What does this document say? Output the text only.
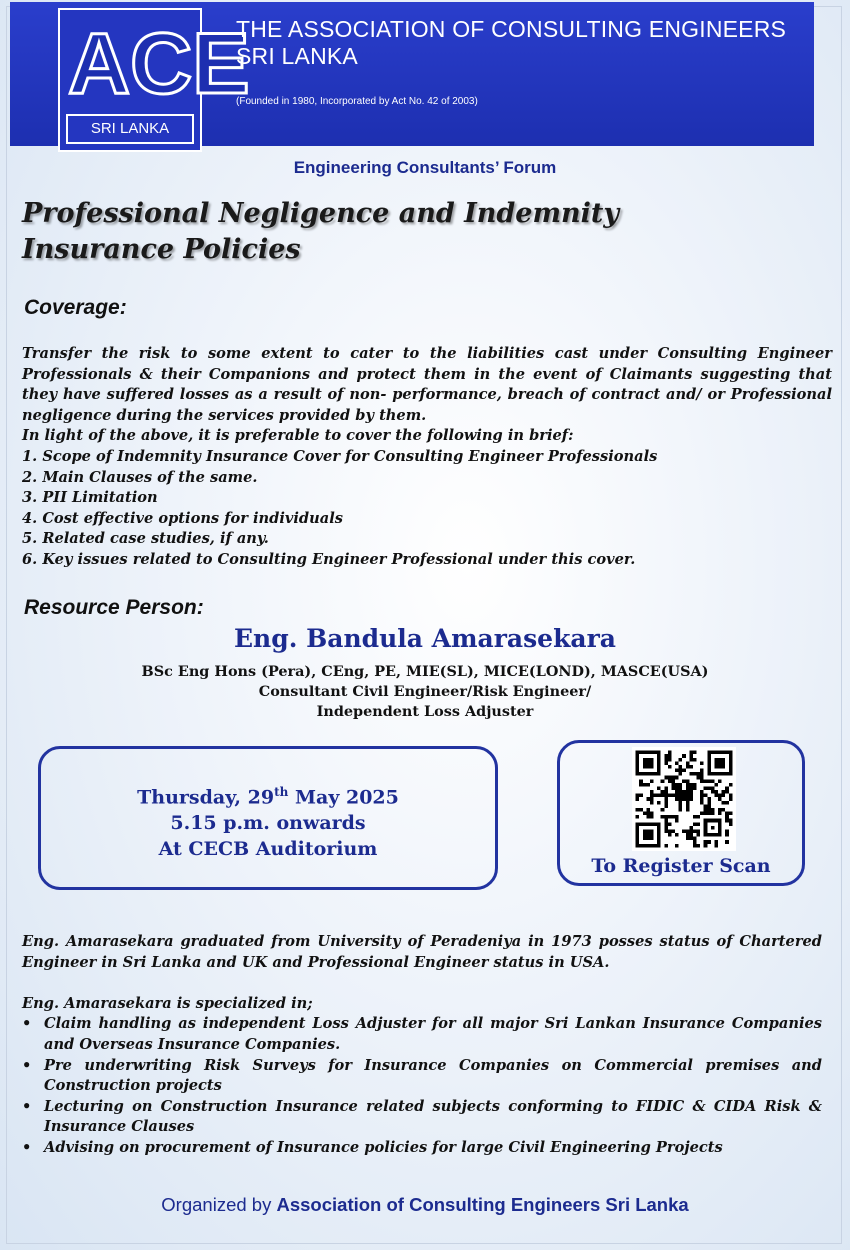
A C E
SRI LANKA
THE ASSOCIATION OF CONSULTING ENGINEERS
SRI LANKA
(Founded in 1980, Incorporated by Act No. 42 of 2003)
Engineering Consultants’ Forum
Professional Negligence and Indemnity
Insurance Policies
Coverage:

Transfer the risk to some extent to cater to the liabilities cast under Consulting Engineer Professionals & their Companions and protect them in the event of Claimants suggesting that they have suffered losses as a result of non- performance, breach of contract and/ or Professional negligence during the services provided by them.

In light of the above, it is preferable to cover the following in brief:

1. Scope of Indemnity Insurance Cover for Consulting Engineer Professionals
2. Main Clauses of the same.
3. PII Limitation
4. Cost effective options for individuals
5. Related case studies, if any.
6. Key issues related to Consulting Engineer Professional under this cover.
Resource Person:
Eng. Bandula Amarasekara
BSc Eng Hons (Pera), CEng, PE, MIE(SL), MICE(LOND), MASCE(USA)
Consultant Civil Engineer/Risk Engineer/
Independent Loss Adjuster
Thursday, 29th May 2025
5.15 p.m. onwards
At CECB Auditorium
To Register Scan

Eng. Amarasekara graduated from University of Peradeniya in 1973 posses status of Chartered Engineer in Sri Lanka and UK and Professional Engineer status in USA.

Eng. Amarasekara is specialized in;

• Claim handling as independent Loss Adjuster for all major Sri Lankan Insurance Companies and Overseas Insurance Companies.
• Pre underwriting Risk Surveys for Insurance Companies on Commercial premises and Construction projects
• Lecturing on Construction Insurance related subjects conforming to FIDIC & CIDA Risk & Insurance Clauses
• Advising on procurement of Insurance policies for large Civil Engineering Projects
Organized by Association of Consulting Engineers Sri Lanka
